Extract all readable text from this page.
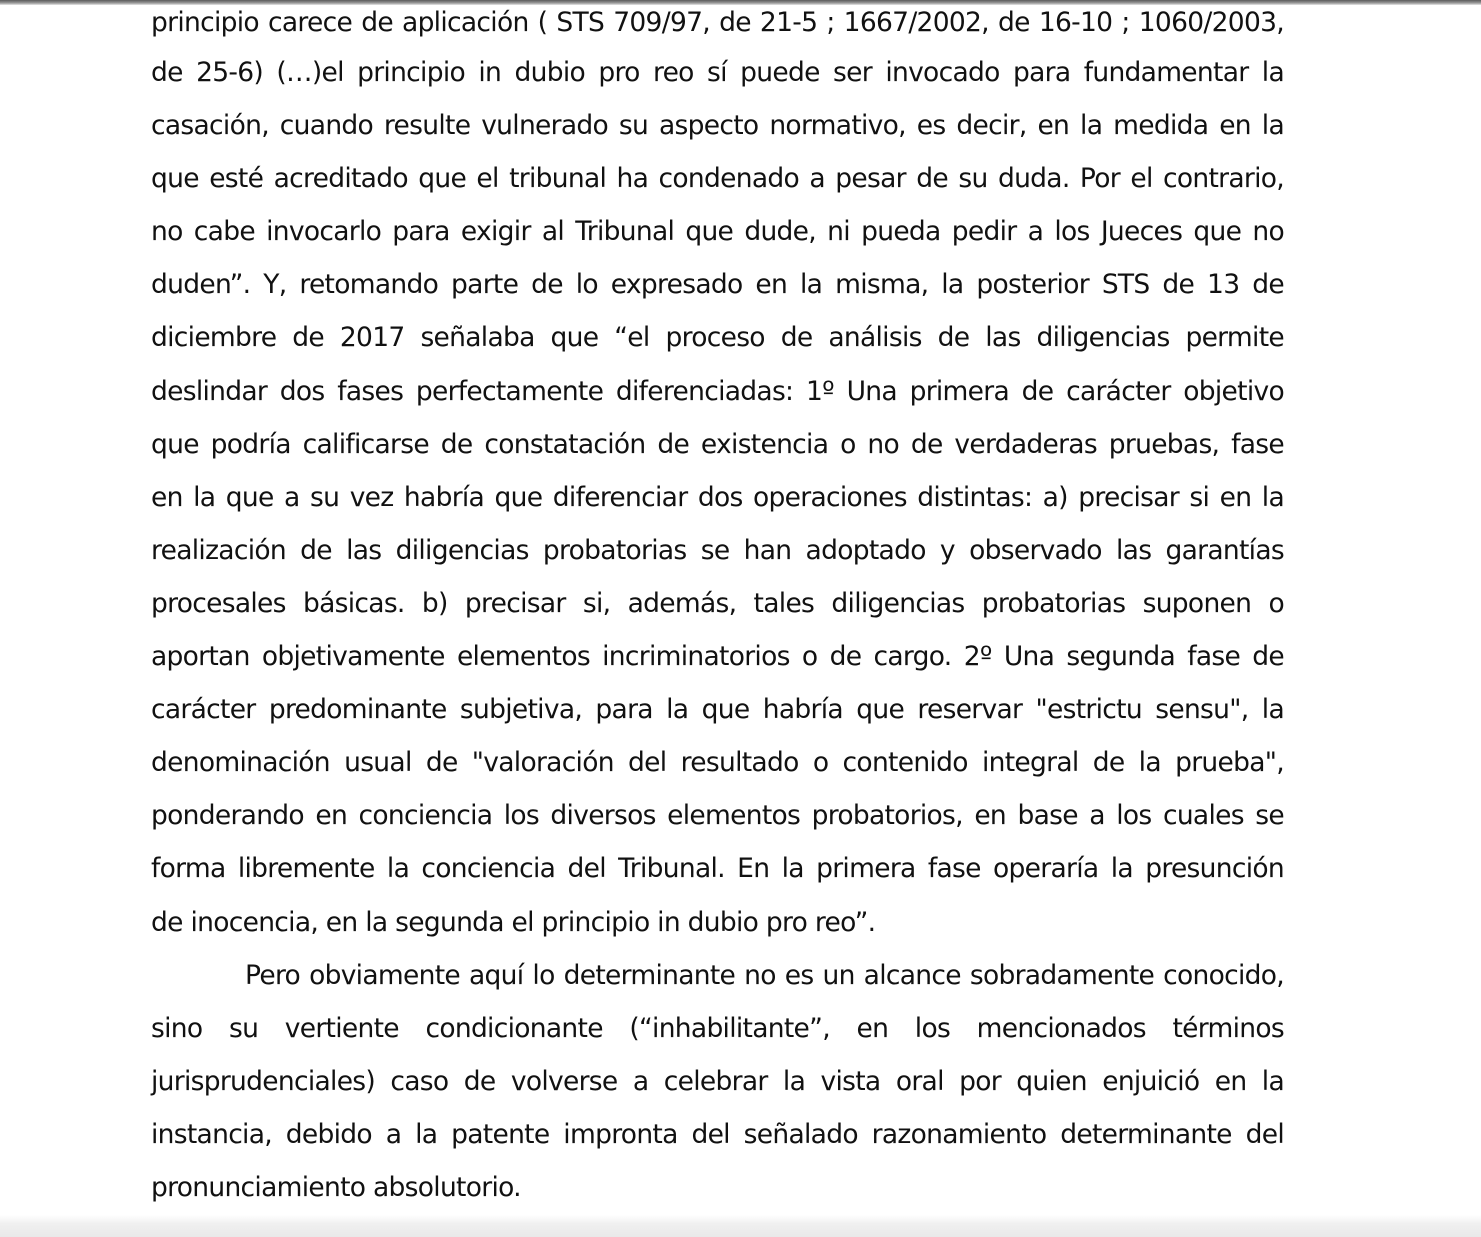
principio carece de aplicación ( STS 709/97, de 21-5 ; 1667/2002, de 16-10 ; 1060/2003,
de 25-6) (…)el principio in dubio pro reo sí puede ser invocado para fundamentar la
casación, cuando resulte vulnerado su aspecto normativo, es decir, en la medida en la
que esté acreditado que el tribunal ha condenado a pesar de su duda. Por el contrario,
no cabe invocarlo para exigir al Tribunal que dude, ni pueda pedir a los Jueces que no
duden”. Y, retomando parte de lo expresado en la misma, la posterior STS de 13 de
diciembre de 2017 señalaba que “el proceso de análisis de las diligencias permite
deslindar dos fases perfectamente diferenciadas: 1º Una primera de carácter objetivo
que podría calificarse de constatación de existencia o no de verdaderas pruebas, fase
en la que a su vez habría que diferenciar dos operaciones distintas: a) precisar si en la
realización de las diligencias probatorias se han adoptado y observado las garantías
procesales básicas. b) precisar si, además, tales diligencias probatorias suponen o
aportan objetivamente elementos incriminatorios o de cargo. 2º Una segunda fase de
carácter predominante subjetiva, para la que habría que reservar "estrictu sensu", la
denominación usual de "valoración del resultado o contenido integral de la prueba",
ponderando en conciencia los diversos elementos probatorios, en base a los cuales se
forma libremente la conciencia del Tribunal. En la primera fase operaría la presunción
de inocencia, en la segunda el principio in dubio pro reo”.
Pero obviamente aquí lo determinante no es un alcance sobradamente conocido,
sino su vertiente condicionante (“inhabilitante”, en los mencionados términos
jurisprudenciales) caso de volverse a celebrar la vista oral por quien enjuició en la
instancia, debido a la patente impronta del señalado razonamiento determinante del
pronunciamiento absolutorio.
